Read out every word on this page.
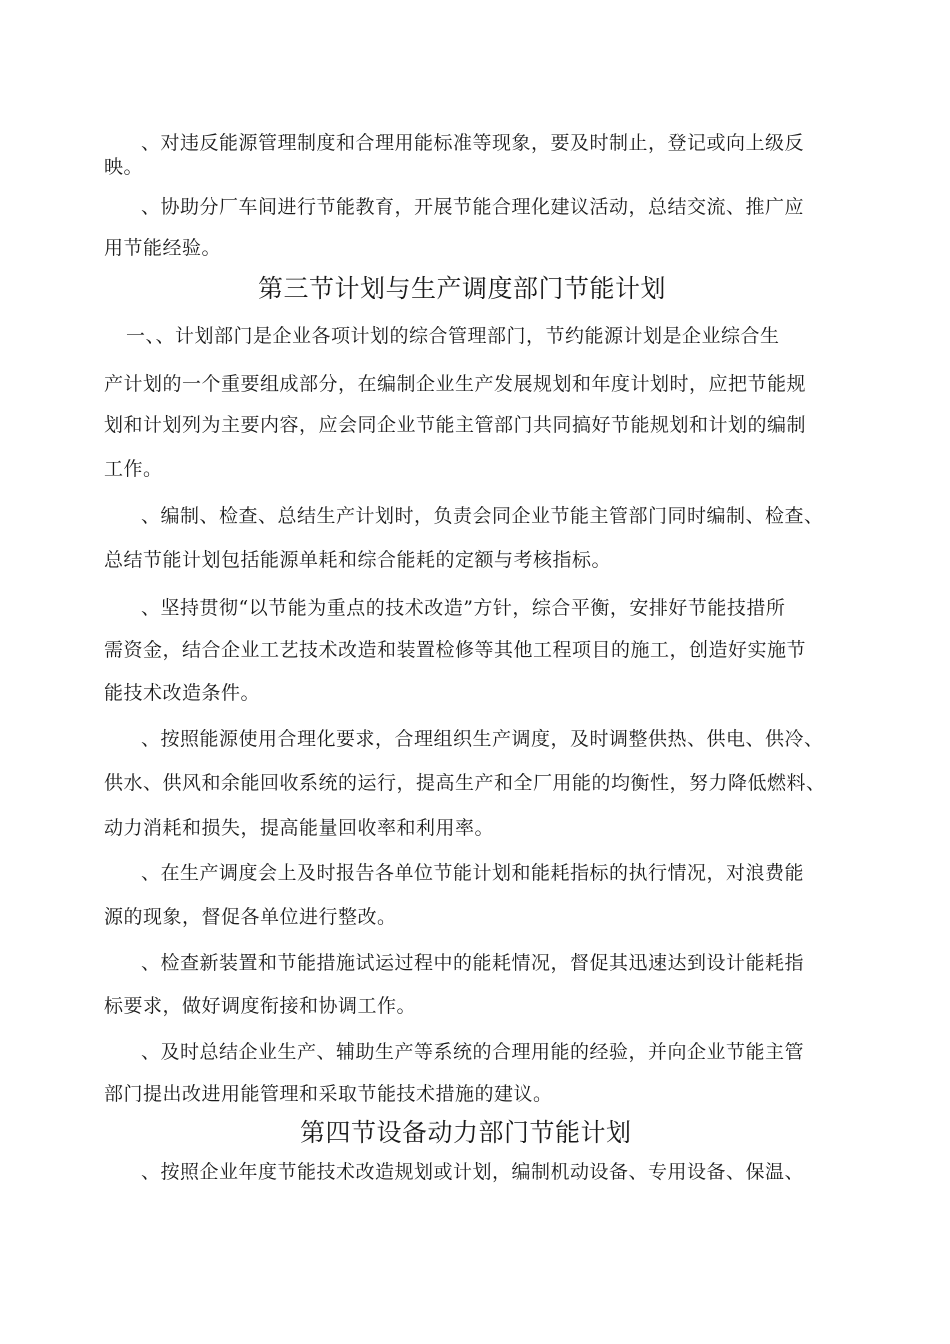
、对违反能源管理制度和合理用能标准等现象，要及时制止，登记或向上级反
映。
、协助分厂车间进行节能教育，开展节能合理化建议活动，总结交流、推广应
用节能经验。
第三节计划与生产调度部门节能计划
一、、计划部门是企业各项计划的综合管理部门，节约能源计划是企业综合生
产计划的一个重要组成部分，在编制企业生产发展规划和年度计划时，应把节能规
划和计划列为主要内容，应会同企业节能主管部门共同搞好节能规划和计划的编制
工作。
、编制、检查、总结生产计划时，负责会同企业节能主管部门同时编制、检查、
总结节能计划包括能源单耗和综合能耗的定额与考核指标。
、坚持贯彻“以节能为重点的技术改造”方针，综合平衡，安排好节能技措所
需资金，结合企业工艺技术改造和装置检修等其他工程项目的施工，创造好实施节
能技术改造条件。
、按照能源使用合理化要求，合理组织生产调度，及时调整供热、供电、供冷、
供水、供风和余能回收系统的运行，提高生产和全厂用能的均衡性，努力降低燃料、
动力消耗和损失，提高能量回收率和利用率。
、在生产调度会上及时报告各单位节能计划和能耗指标的执行情况，对浪费能
源的现象，督促各单位进行整改。
、检查新装置和节能措施试运过程中的能耗情况，督促其迅速达到设计能耗指
标要求，做好调度衔接和协调工作。
、及时总结企业生产、辅助生产等系统的合理用能的经验，并向企业节能主管
部门提出改进用能管理和采取节能技术措施的建议。
第四节设备动力部门节能计划
、按照企业年度节能技术改造规划或计划，编制机动设备、专用设备、保温、
